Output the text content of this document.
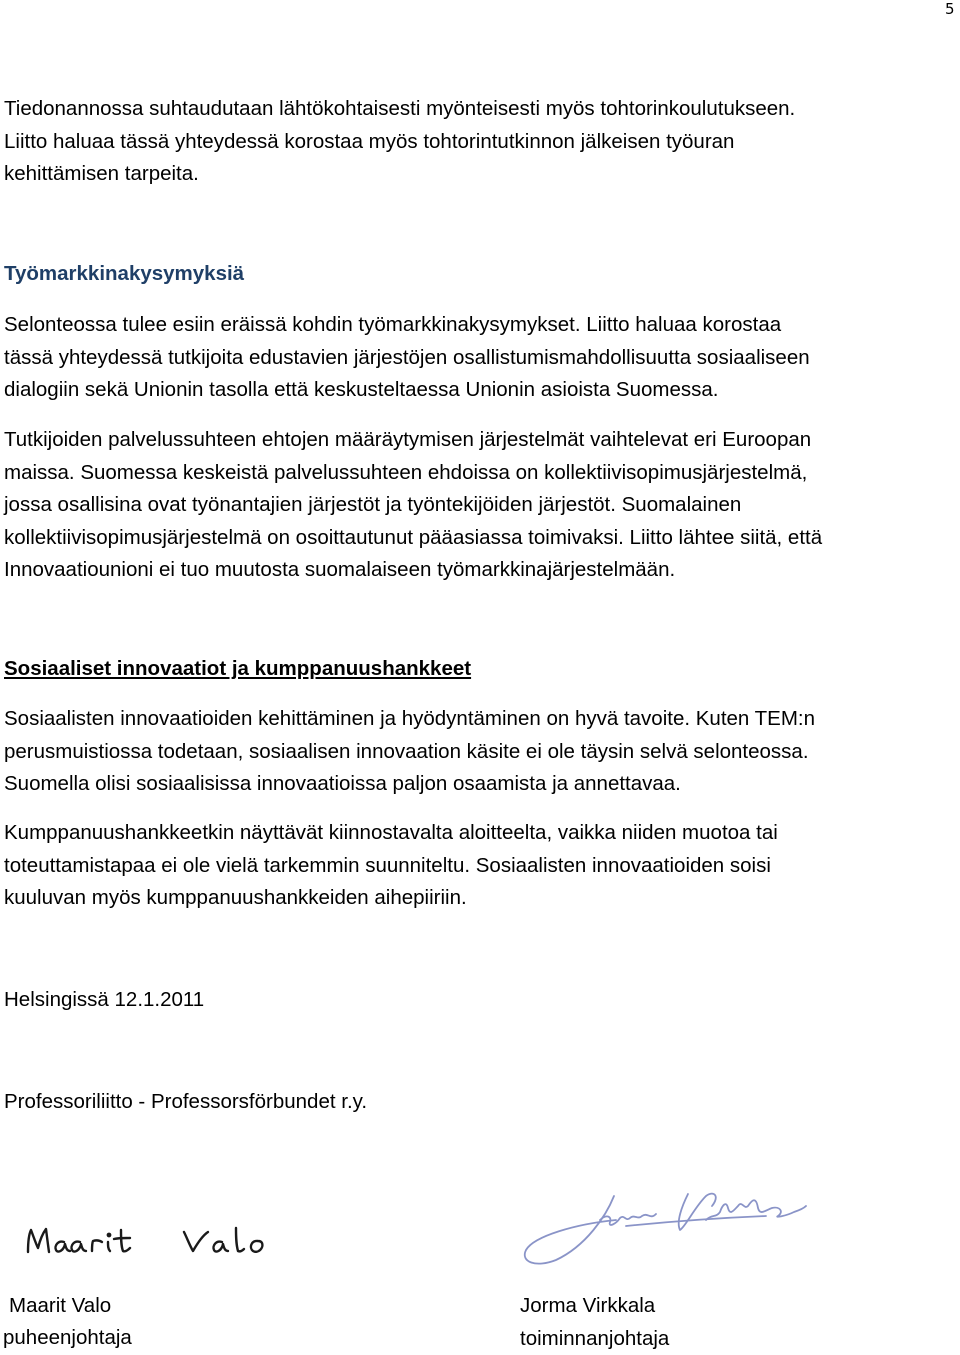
5
Tiedonannossa suhtaudutaan lähtökohtaisesti myönteisesti myös tohtorinkoulutukseen.
Liitto haluaa tässä yhteydessä korostaa myös tohtorintutkinnon jälkeisen työuran
kehittämisen tarpeita.
Työmarkkinakysymyksiä
Selonteossa tulee esiin eräissä kohdin työmarkkinakysymykset. Liitto haluaa korostaa
tässä yhteydessä tutkijoita edustavien järjestöjen osallistumismahdollisuutta sosiaaliseen
dialogiin sekä Unionin tasolla että keskusteltaessa Unionin asioista Suomessa.
Tutkijoiden palvelussuhteen ehtojen määräytymisen järjestelmät vaihtelevat eri Euroopan
maissa. Suomessa keskeistä palvelussuhteen ehdoissa on kollektiivisopimusjärjestelmä,
jossa osallisina ovat työnantajien järjestöt ja työntekijöiden järjestöt. Suomalainen
kollektiivisopimusjärjestelmä on osoittautunut pääasiassa toimivaksi. Liitto lähtee siitä, että
Innovaatiounioni ei tuo muutosta suomalaiseen työmarkkinajärjestelmään.
Sosiaaliset innovaatiot ja kumppanuushankkeet
Sosiaalisten innovaatioiden kehittäminen ja hyödyntäminen on hyvä tavoite. Kuten TEM:n
perusmuistiossa todetaan, sosiaalisen innovaation käsite ei ole täysin selvä selonteossa.
Suomella olisi sosiaalisissa innovaatioissa paljon osaamista ja annettavaa.
Kumppanuushankkeetkin näyttävät kiinnostavalta aloitteelta, vaikka niiden muotoa tai
toteuttamistapaa ei ole vielä tarkemmin suunniteltu. Sosiaalisten innovaatioiden soisi
kuuluvan myös kumppanuushankkeiden aihepiiriin.
Helsingissä 12.1.2011
Professoriliitto - Professorsförbundet r.y.
Maarit Valo
puheenjohtaja
Jorma Virkkala
toiminnanjohtaja
